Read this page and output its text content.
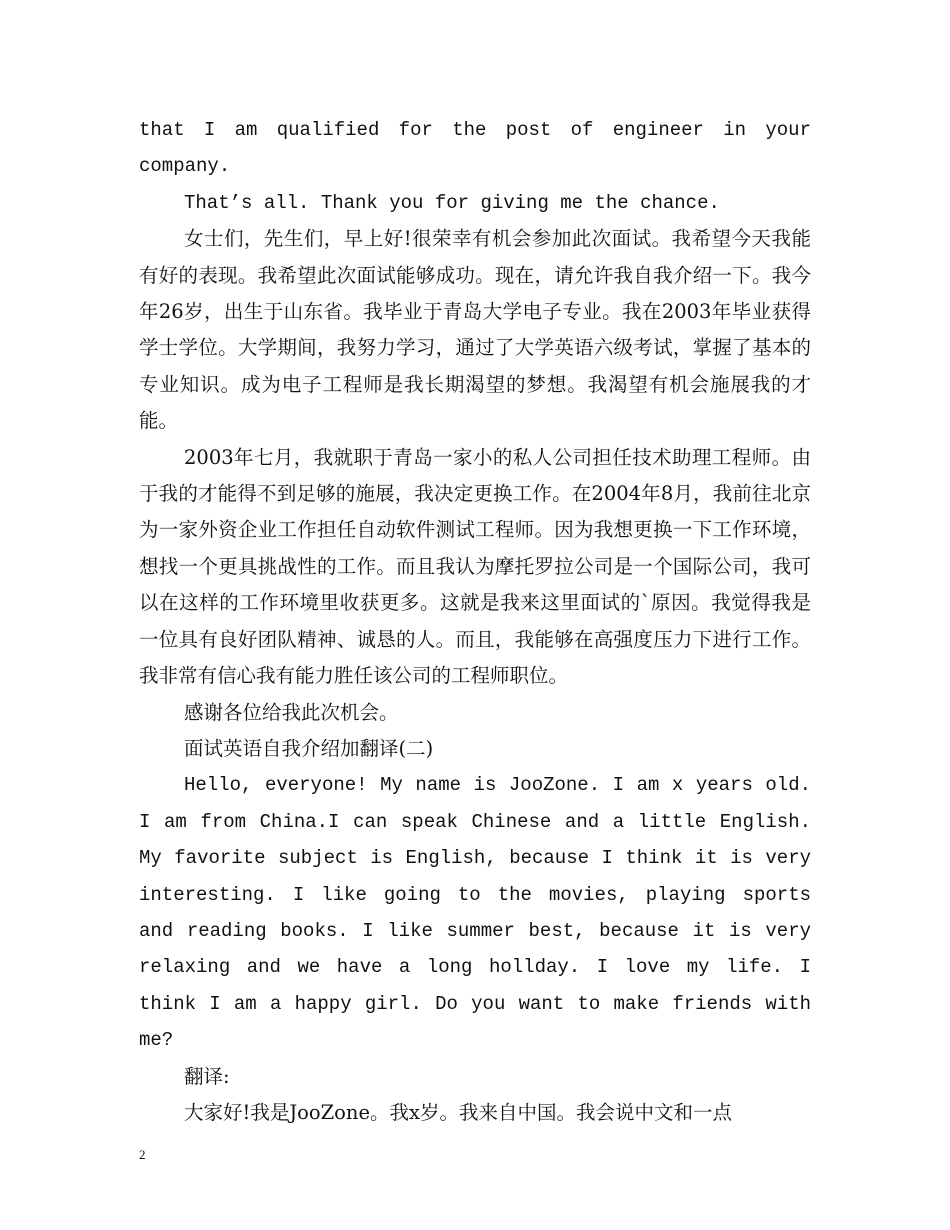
that I am qualified for the post of engineer in your company.

That’s all. Thank you for giving me the chance.

女士们，先生们，早上好!很荣幸有机会参加此次面试。我希望今天我能有好的表现。我希望此次面试能够成功。现在，请允许我自我介绍一下。我今年26岁，出生于山东省。我毕业于青岛大学电子专业。我在2003年毕业获得学士学位。大学期间，我努力学习，通过了大学英语六级考试，掌握了基本的专业知识。成为电子工程师是我长期渴望的梦想。我渴望有机会施展我的才能。

2003年七月，我就职于青岛一家小的私人公司担任技术助理工程师。由于我的才能得不到足够的施展，我决定更换工作。在2004年8月，我前往北京为一家外资企业工作担任自动软件测试工程师。因为我想更换一下工作环境，想找一个更具挑战性的工作。而且我认为摩托罗拉公司是一个国际公司，我可以在这样的工作环境里收获更多。这就是我来这里面试的`原因。我觉得我是一位具有良好团队精神、诚恳的人。而且，我能够在高强度压力下进行工作。我非常有信心我有能力胜任该公司的工程师职位。

感谢各位给我此次机会。

面试英语自我介绍加翻译(二)

Hello, everyone! My name is JooZone. I am x years old. I am from China.I can speak Chinese and a little English. My favorite subject is English, because I think it is very interesting. I like going to the movies, playing sports and reading books. I like summer best, because it is very relaxing and we have a long hollday. I love my life. I think I am a happy girl. Do you want to make friends with me?

翻译:

大家好!我是JooZone。我x岁。我来自中国。我会说中文和一点

2
